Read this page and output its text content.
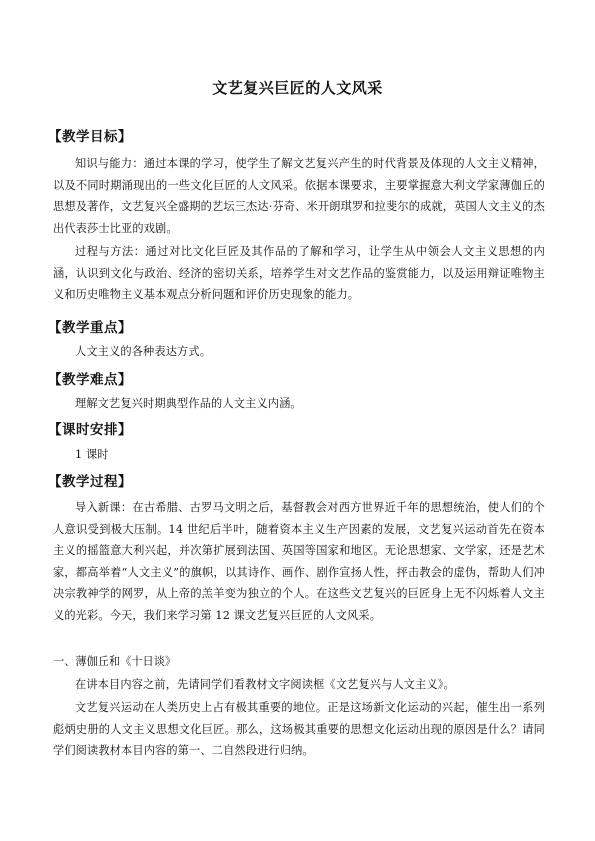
文艺复兴巨匠的人文风采
【教学目标】
知识与能力：通过本课的学习，使学生了解文艺复兴产生的时代背景及体现的人文主义精神，以及不同时期涌现出的一些文化巨匠的人文风采。依据本课要求，主要掌握意大利文学家薄伽丘的思想及著作，文艺复兴全盛期的艺坛三杰达·芬奇、米开朗琪罗和拉斐尔的成就，英国人文主义的杰出代表莎士比亚的戏剧。
过程与方法：通过对比文化巨匠及其作品的了解和学习，让学生从中领会人文主义思想的内涵，认识到文化与政治、经济的密切关系，培养学生对文艺作品的鉴赏能力，以及运用辩证唯物主义和历史唯物主义基本观点分析问题和评价历史现象的能力。
【教学重点】
人文主义的各种表达方式。
【教学难点】
理解文艺复兴时期典型作品的人文主义内涵。
【课时安排】
1 课时
【教学过程】
导入新课：在古希腊、古罗马文明之后，基督教会对西方世界近千年的思想统治，使人们的个人意识受到极大压制。14 世纪后半叶，随着资本主义生产因素的发展，文艺复兴运动首先在资本主义的摇篮意大利兴起，并次第扩展到法国、英国等国家和地区。无论思想家、文学家，还是艺术家，都高举着“人文主义”的旗帜，以其诗作、画作、剧作宣扬人性，抨击教会的虚伪，帮助人们冲决宗教神学的网罗，从上帝的羔羊变为独立的个人。在这些文艺复兴的巨匠身上无不闪烁着人文主义的光彩。今天，我们来学习第 12 课文艺复兴巨匠的人文风采。
一、薄伽丘和《十日谈》
在讲本目内容之前，先请同学们看教材文字阅读框《文艺复兴与人文主义》。
文艺复兴运动在人类历史上占有极其重要的地位。正是这场新文化运动的兴起，催生出一系列彪炳史册的人文主义思想文化巨匠。那么，这场极其重要的思想文化运动出现的原因是什么？请同学们阅读教材本目内容的第一、二自然段进行归纳。
